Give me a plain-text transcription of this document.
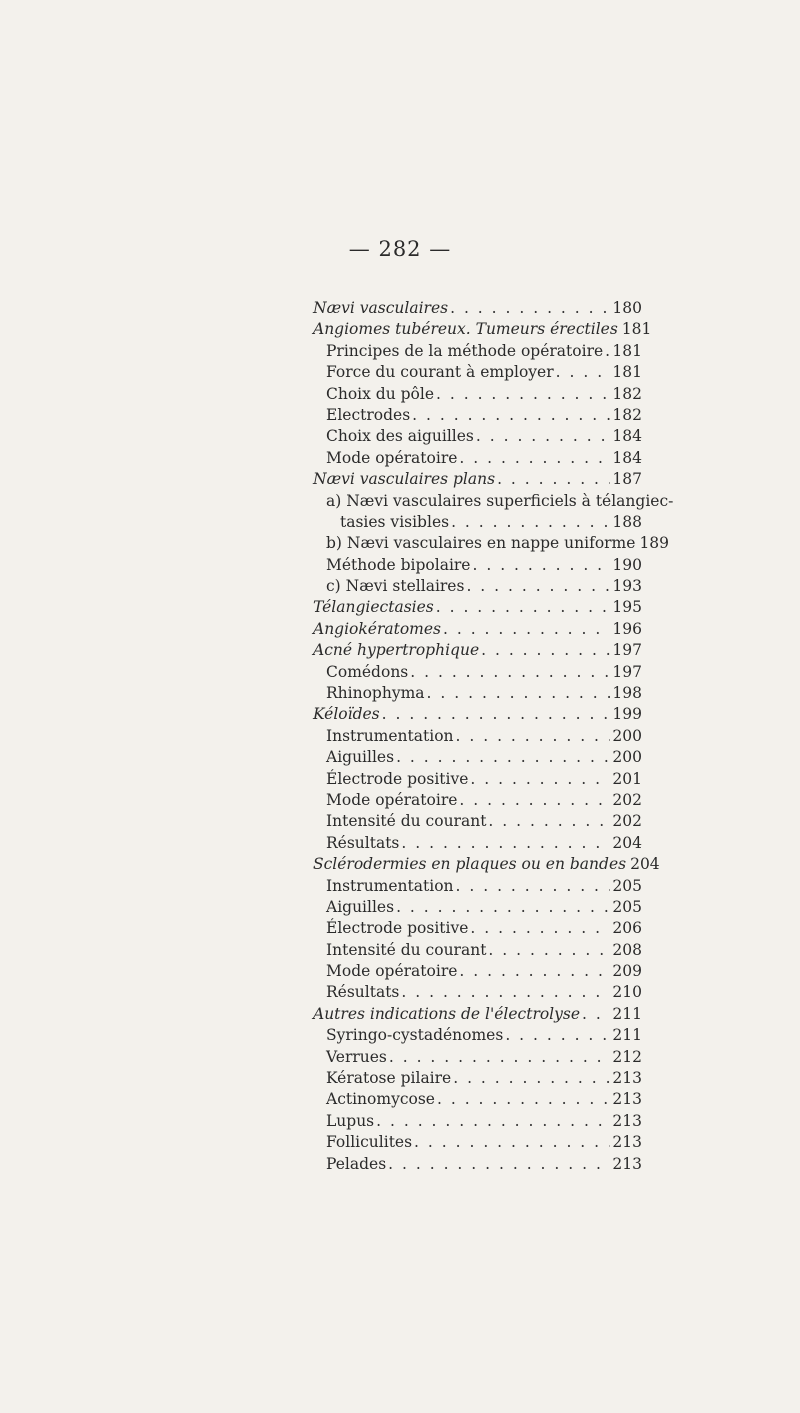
— 282 —
Nævi vasculaires . . .	180
Angiomes tubéreux. Tumeurs érectiles 181
Principes de la méthode opératoire . . . 181
Force du courant à employer . . .	181
Choix du pôle . . .	182
Electrodes . . .	182
Choix des aiguilles . . .	184
Mode opératoire . . .	184
Nævi vasculaires plans . . .	187
a) Nævi vasculaires superficiels à télangiec-
tasies visibles . . .	188
b) Nævi vasculaires en nappe uniforme 189
Méthode bipolaire . . .	190
c) Nævi stellaires . . .	193
Télangiectasies . . .	195
Angiokératomes . . .	196
Acné hypertrophique . . .	197
Comédons . . .	197
Rhinophyma . . .	198
Kéloïdes . . .	199
Instrumentation . . .	200
Aiguilles . . .	200
Électrode positive . . .	201
Mode opératoire . . .	202
Intensité du courant . . .	202
Résultats . . .	204
Sclérodermies en plaques ou en bandes 204
Instrumentation . . .	205
Aiguilles . . .	205
Électrode positive . . .	206
Intensité du courant . . .	208
Mode opératoire . . .	209
Résultats . . .	210
Autres indications de l'électrolyse . . . 211
Syringo-cystadénomes . . .	211
Verrues . . .	212
Kératose pilaire . . .	213
Actinomycose . . .	213
Lupus . . .	213
Folliculites . . .	213
Pelades . . .	213
